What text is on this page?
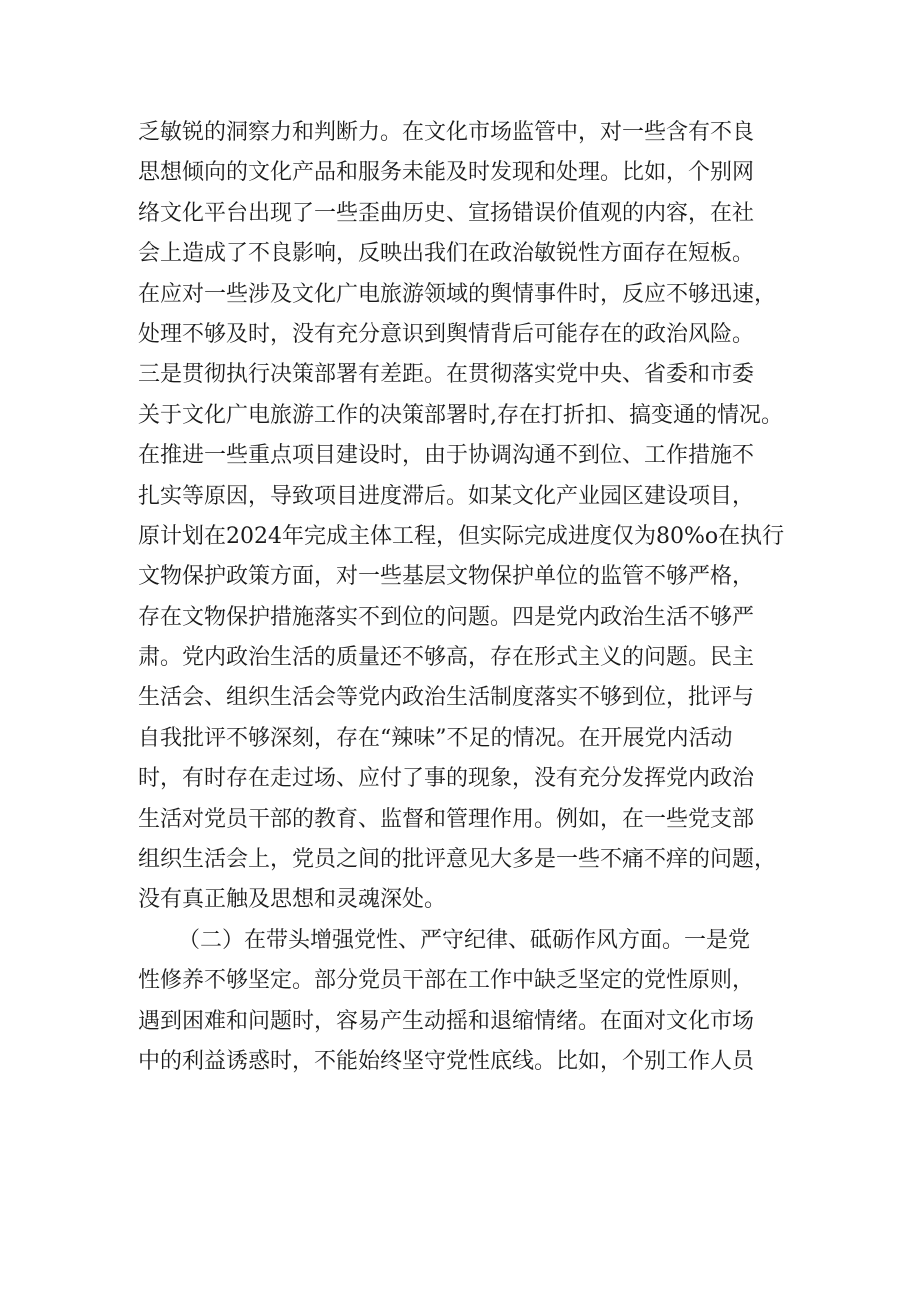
乏敏锐的洞察力和判断力。在文化市场监管中，对一些含有不良
思想倾向的文化产品和服务未能及时发现和处理。比如，个别网
络文化平台出现了一些歪曲历史、宣扬错误价值观的内容，在社
会上造成了不良影响，反映出我们在政治敏锐性方面存在短板。
在应对一些涉及文化广电旅游领域的舆情事件时，反应不够迅速，
处理不够及时，没有充分意识到舆情背后可能存在的政治风险。
三是贯彻执行决策部署有差距。在贯彻落实党中央、省委和市委
关于文化广电旅游工作的决策部署时,存在打折扣、搞变通的情况。
在推进一些重点项目建设时，由于协调沟通不到位、工作措施不
扎实等原因，导致项目进度滞后。如某文化产业园区建设项目，
原计划在2024年完成主体工程，但实际完成进度仅为80%o在执行
文物保护政策方面，对一些基层文物保护单位的监管不够严格，
存在文物保护措施落实不到位的问题。四是党内政治生活不够严
肃。党内政治生活的质量还不够高，存在形式主义的问题。民主
生活会、组织生活会等党内政治生活制度落实不够到位，批评与
自我批评不够深刻，存在“辣味”不足的情况。在开展党内活动
时，有时存在走过场、应付了事的现象，没有充分发挥党内政治
生活对党员干部的教育、监督和管理作用。例如，在一些党支部
组织生活会上，党员之间的批评意见大多是一些不痛不痒的问题，
没有真正触及思想和灵魂深处。
（二）在带头增强党性、严守纪律、砥砺作风方面。一是党
性修养不够坚定。部分党员干部在工作中缺乏坚定的党性原则，
遇到困难和问题时，容易产生动摇和退缩情绪。在面对文化市场
中的利益诱惑时，不能始终坚守党性底线。比如，个别工作人员
